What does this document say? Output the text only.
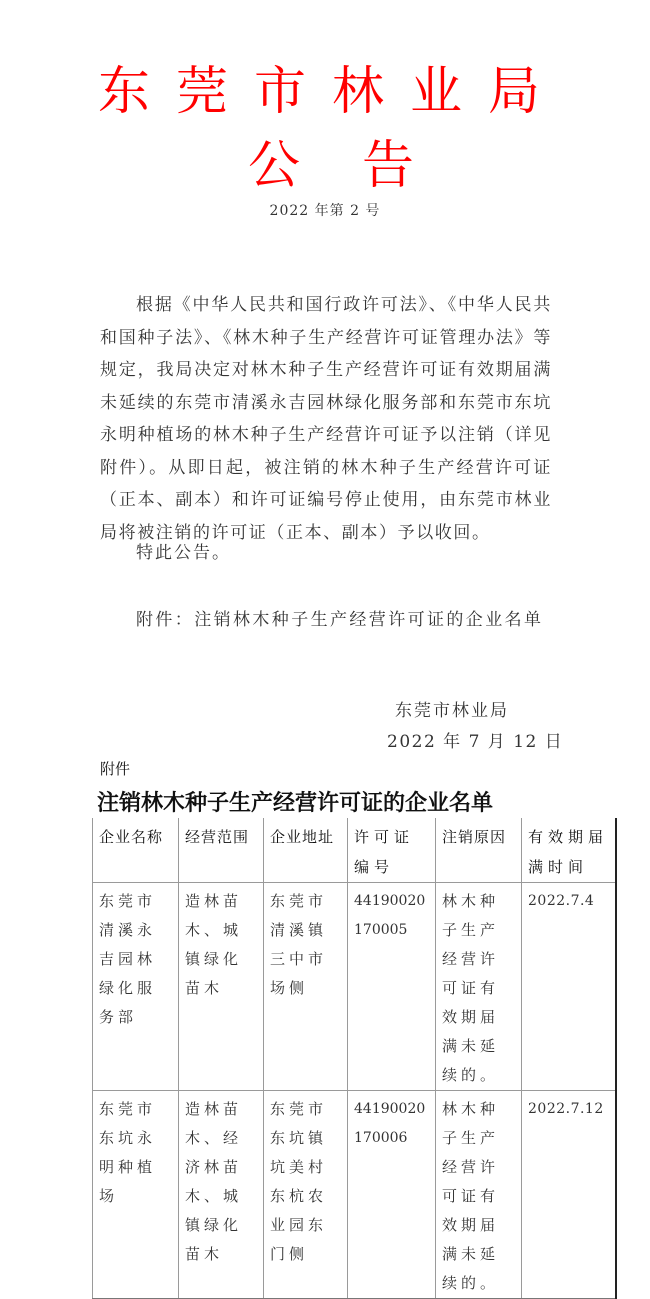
东莞市林业局
公告
2022 年第 2 号
根据《中华人民共和国行政许可法》、《中华人民共和国种子法》、《林木种子生产经营许可证管理办法》等规定，我局决定对林木种子生产经营许可证有效期届满未延续的东莞市清溪永吉园林绿化服务部和东莞市东坑永明种植场的林木种子生产经营许可证予以注销（详见附件）。从即日起，被注销的林木种子生产经营许可证（正本、副本）和许可证编号停止使用，由东莞市林业局将被注销的许可证（正本、副本）予以收回。
特此公告。
附件：注销林木种子生产经营许可证的企业名单
东莞市林业局
2022 年 7 月 12 日
附件
注销林木种子生产经营许可证的企业名单
企业名称	经营范围	企业地址	许可证编号	注销原因	有效期届满时间
东莞市清溪永吉园林绿化服务部	造林苗木、城镇绿化苗木	东莞市清溪镇三中市场侧	44190020170005	林木种子生产经营许可证有效期届满未延续的。	2022.7.4
东莞市东坑永明种植场	造林苗木、经济林苗木、城镇绿化苗木	东莞市东坑镇坑美村东杭农业园东门侧	44190020170006	林木种子生产经营许可证有效期届满未延续的。	2022.7.12
